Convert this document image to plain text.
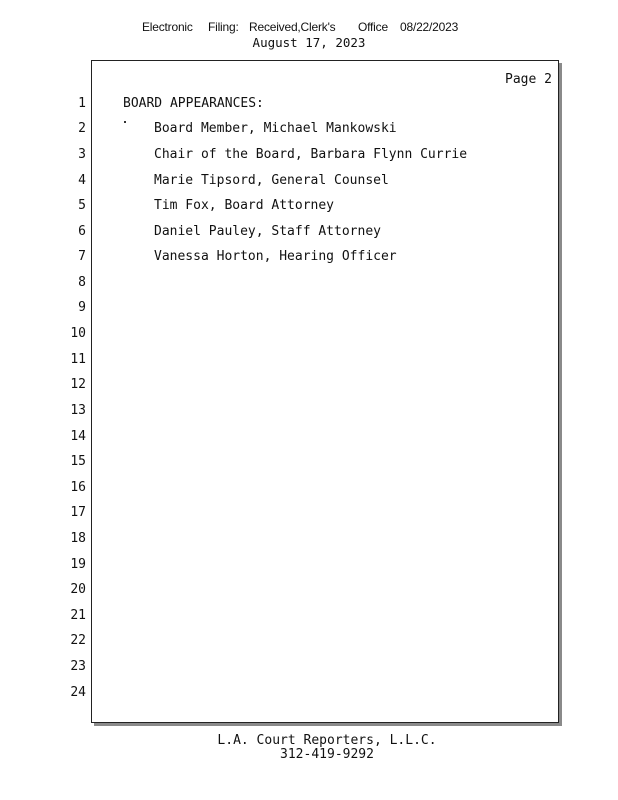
Electronic Filing: Received,Clerk's Office 08/22/2023
August 17, 2023
Page 2
1
2
3
4
5
6
7
8
9
10
11
12
13
14
15
16
17
18
19
20
21
22
23
24
BOARD APPEARANCES:
Board Member, Michael Mankowski
Chair of the Board, Barbara Flynn Currie
Marie Tipsord, General Counsel
Tim Fox, Board Attorney
Daniel Pauley, Staff Attorney
Vanessa Horton, Hearing Officer
L.A. Court Reporters, L.L.C.
312-419-9292
